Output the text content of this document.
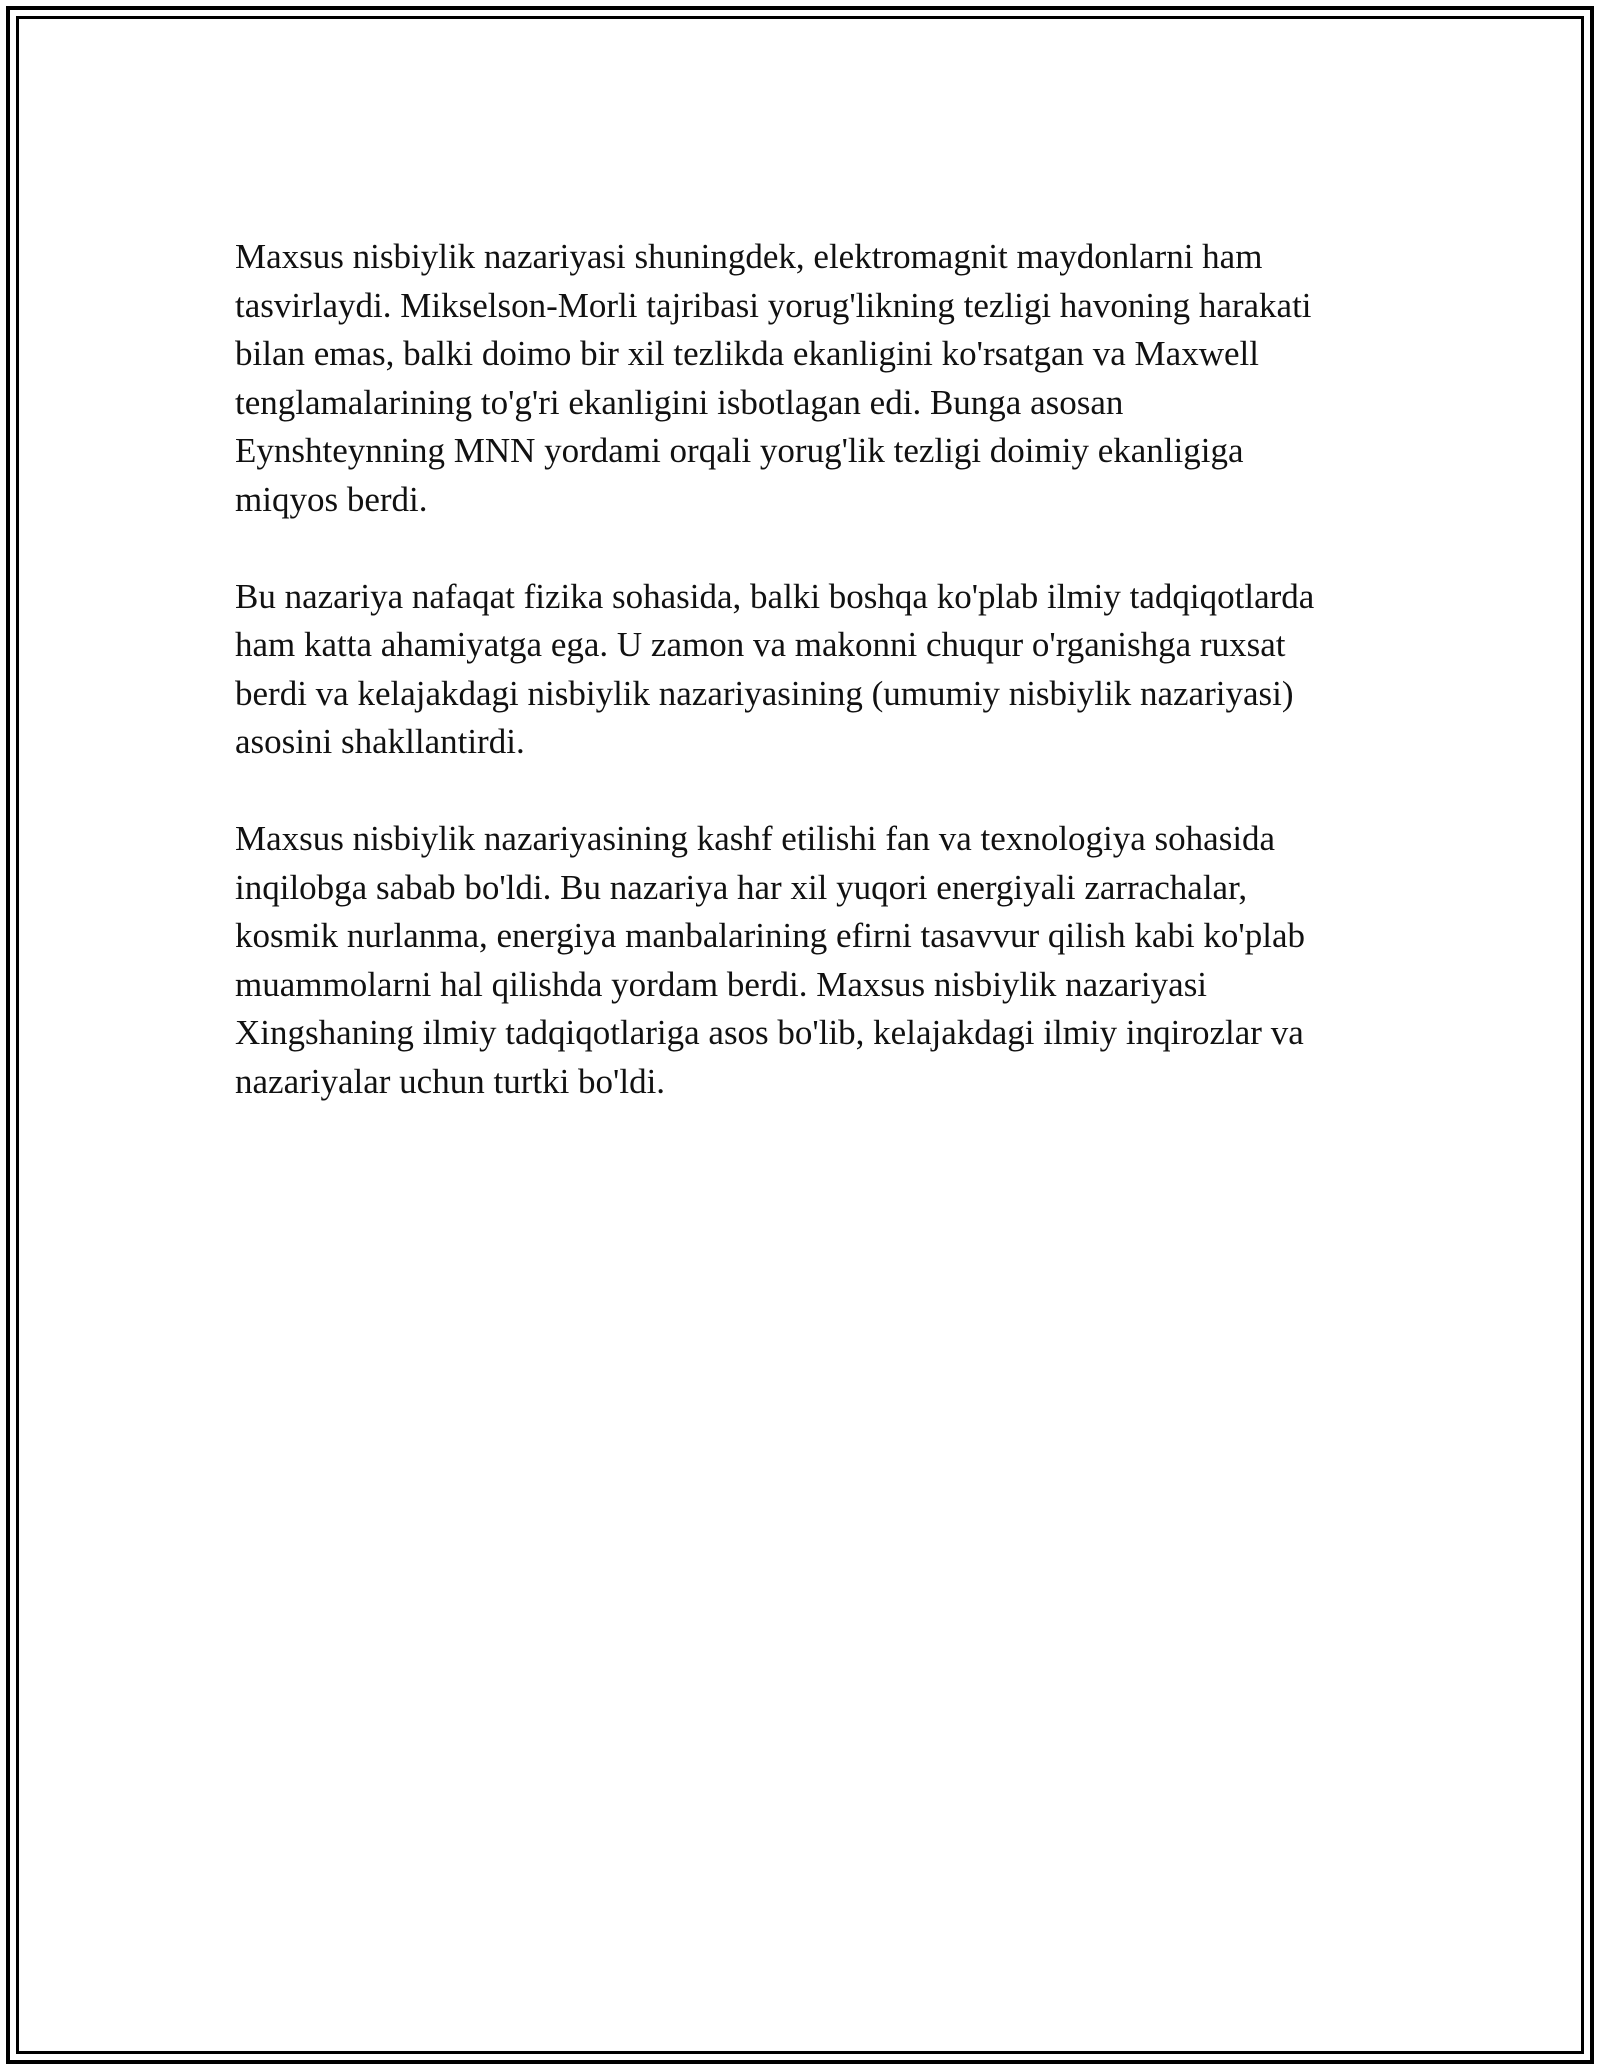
Maxsus nisbiylik nazariyasi shuningdek, elektromagnit maydonlarni ham
tasvirlaydi. Mikselson-Morli tajribasi yorug'likning tezligi havoning harakati
bilan emas, balki doimo bir xil tezlikda ekanligini ko'rsatgan va Maxwell
tenglamalarining to'g'ri ekanligini isbotlagan edi. Bunga asosan
Eynshteynning MNN yordami orqali yorug'lik tezligi doimiy ekanligiga
miqyos berdi.

Bu nazariya nafaqat fizika sohasida, balki boshqa ko'plab ilmiy tadqiqotlarda
ham katta ahamiyatga ega. U zamon va makonni chuqur o'rganishga ruxsat
berdi va kelajakdagi nisbiylik nazariyasining (umumiy nisbiylik nazariyasi)
asosini shakllantirdi.

Maxsus nisbiylik nazariyasining kashf etilishi fan va texnologiya sohasida
inqilobga sabab bo'ldi. Bu nazariya har xil yuqori energiyali zarrachalar,
kosmik nurlanma, energiya manbalarining efirni tasavvur qilish kabi ko'plab
muammolarni hal qilishda yordam berdi. Maxsus nisbiylik nazariyasi
Xingshaning ilmiy tadqiqotlariga asos bo'lib, kelajakdagi ilmiy inqirozlar va
nazariyalar uchun turtki bo'ldi.
